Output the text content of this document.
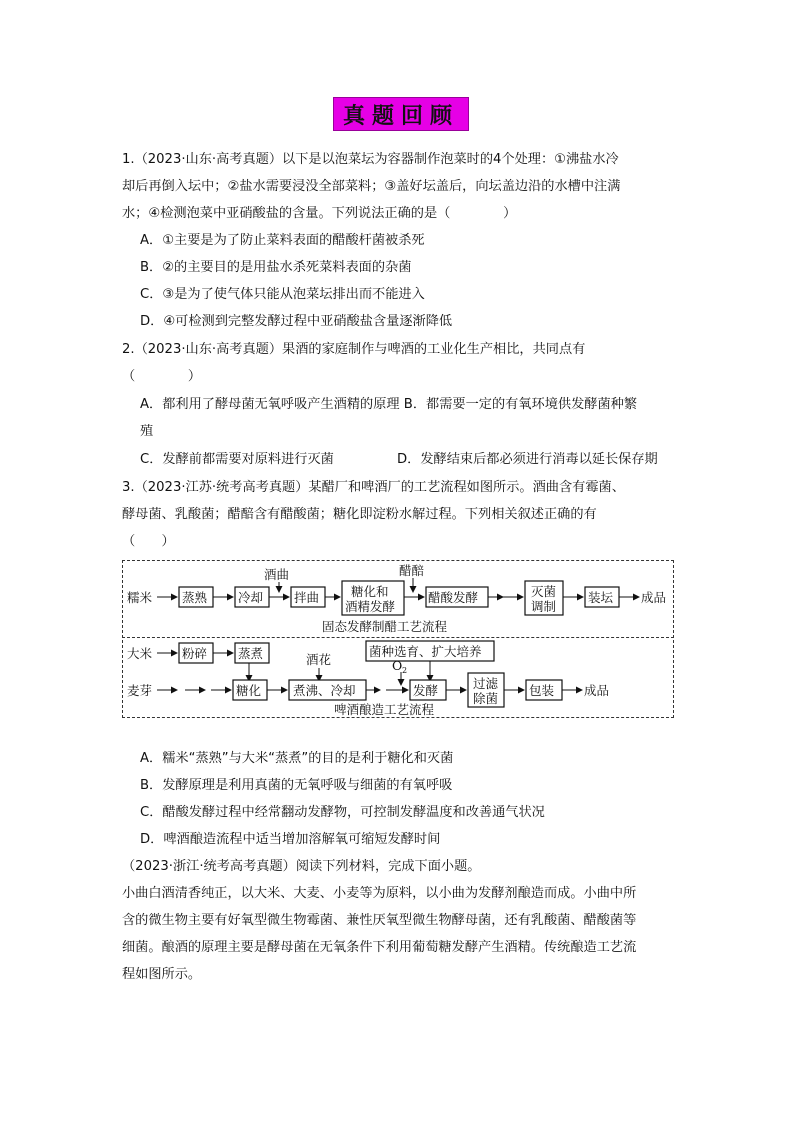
真题回顾
1.（2023·山东·高考真题）以下是以泡菜坛为容器制作泡菜时的4个处理：①沸盐水冷
却后再倒入坛中；②盐水需要浸没全部菜料；③盖好坛盖后，向坛盖边沿的水槽中注满
水；④检测泡菜中亚硝酸盐的含量。下列说法正确的是（　　　　）
A．①主要是为了防止菜料表面的醋酸杆菌被杀死
B．②的主要目的是用盐水杀死菜料表面的杂菌
C．③是为了使气体只能从泡菜坛排出而不能进入
D．④可检测到完整发酵过程中亚硝酸盐含量逐渐降低
2.（2023·山东·高考真题）果酒的家庭制作与啤酒的工业化生产相比，共同点有
（　　　　）
A．都利用了酵母菌无氧呼吸产生酒精的原理 B．都需要一定的有氧环境供发酵菌种繁
殖
C．发酵前都需要对原料进行灭菌	D．发酵结束后都必须进行消毒以延长保存期
3.（2023·江苏·统考高考真题）某醋厂和啤酒厂的工艺流程如图所示。酒曲含有霉菌、
酵母菌、乳酸菌；醋醅含有醋酸菌；糖化即淀粉水解过程。下列相关叙述正确的有
（　　）
糯米 蒸熟 冷却 拌曲	糖化和
酒精发酵
醋酸发酵	灭菌
调制
装坛
酒曲	醋醅
成品
固态发酵制醋工艺流程
大米
麦芽
粉碎 蒸煮
糖化	煮沸、冷却	发酵	过滤
除菌
包装
酒花
菌种选育、扩大培养
O 2
成品
啤酒酿造工艺流程
A．糯米“蒸熟”与大米“蒸煮”的目的是利于糖化和灭菌
B．发酵原理是利用真菌的无氧呼吸与细菌的有氧呼吸
C．醋酸发酵过程中经常翻动发酵物，可控制发酵温度和改善通气状况
D．啤酒酿造流程中适当增加溶解氧可缩短发酵时间
（2023·浙江·统考高考真题）阅读下列材料，完成下面小题。
小曲白酒清香纯正，以大米、大麦、小麦等为原料，以小曲为发酵剂酿造而成。小曲中所
含的微生物主要有好氧型微生物霉菌、兼性厌氧型微生物酵母菌，还有乳酸菌、醋酸菌等
细菌。酿酒的原理主要是酵母菌在无氧条件下利用葡萄糖发酵产生酒精。传统酿造工艺流
程如图所示。
